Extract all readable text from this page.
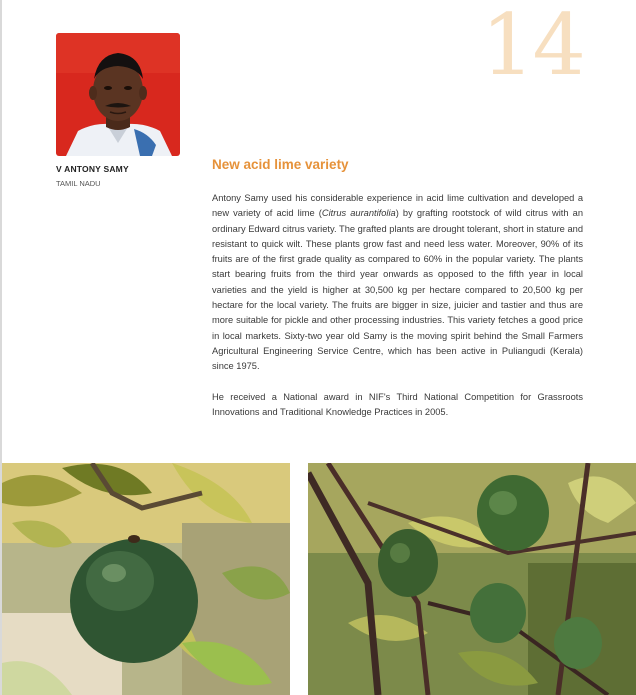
14
V ANTONY SAMY
TAMIL NADU
New acid lime variety

Antony Samy used his considerable experience in acid lime cultivation and developed a new variety of acid lime (Citrus aurantifolia) by grafting rootstock of wild citrus with an ordinary Edward citrus variety. The grafted plants are drought tolerant, short in stature and resistant to quick wilt. These plants grow fast and need less water. Moreover, 90% of its fruits are of the first grade quality as compared to 60% in the popular variety. The plants start bearing fruits from the third year onwards as opposed to the fifth year in local varieties and the yield is higher at 30,500 kg per hectare compared to 20,500 kg per hectare for the local variety. The fruits are bigger in size, juicier and tastier and thus are more suitable for pickle and other processing industries. This variety fetches a good price in local markets. Sixty-two year old Samy is the moving spirit behind the Small Farmers Agricultural Engineering Service Centre, which has been active in Puliangudi (Kerala) since 1975.

He received a National award in NIF's Third National Competition for Grassroots Innovations and Traditional Knowledge Practices in 2005.
